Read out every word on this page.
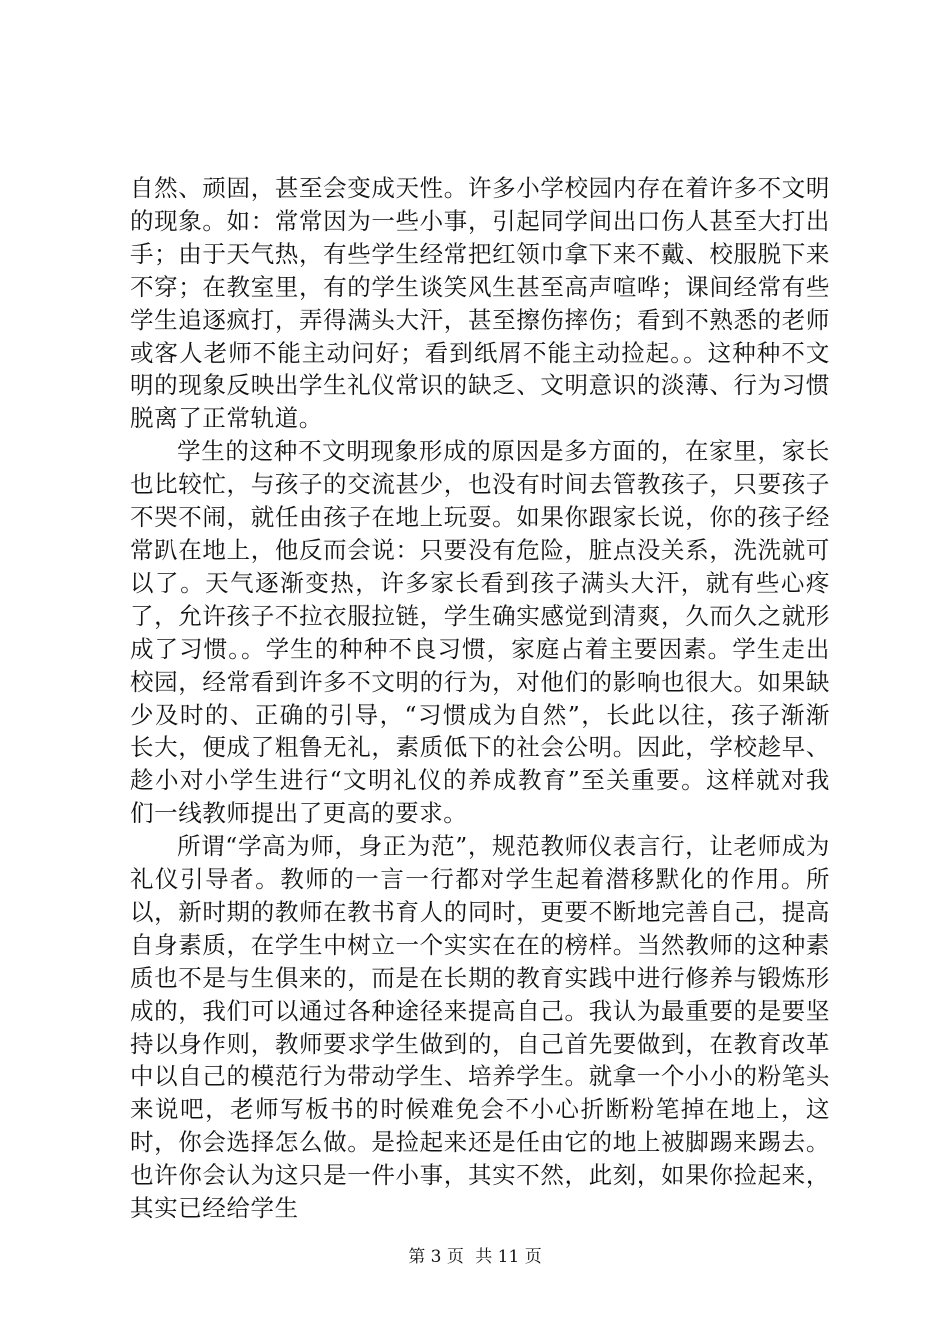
自然、顽固，甚至会变成天性。许多小学校园内存在着许多不文明的现象。如：常常因为一些小事，引起同学间出口伤人甚至大打出手；由于天气热，有些学生经常把红领巾拿下来不戴、校服脱下来不穿；在教室里，有的学生谈笑风生甚至高声喧哗；课间经常有些学生追逐疯打，弄得满头大汗，甚至擦伤摔伤；看到不熟悉的老师或客人老师不能主动问好；看到纸屑不能主动捡起。。这种种不文明的现象反映出学生礼仪常识的缺乏、文明意识的淡薄、行为习惯脱离了正常轨道。

学生的这种不文明现象形成的原因是多方面的，在家里，家长也比较忙，与孩子的交流甚少，也没有时间去管教孩子，只要孩子不哭不闹，就任由孩子在地上玩耍。如果你跟家长说，你的孩子经常趴在地上，他反而会说：只要没有危险，脏点没关系，洗洗就可以了。天气逐渐变热，许多家长看到孩子满头大汗，就有些心疼了，允许孩子不拉衣服拉链，学生确实感觉到清爽，久而久之就形成了习惯。。学生的种种不良习惯，家庭占着主要因素。学生走出校园，经常看到许多不文明的行为，对他们的影响也很大。如果缺少及时的、正确的引导，“习惯成为自然”，长此以往，孩子渐渐长大，便成了粗鲁无礼，素质低下的社会公明。因此，学校趁早、趁小对小学生进行“文明礼仪的养成教育”至关重要。这样就对我们一线教师提出了更高的要求。

所谓“学高为师，身正为范”，规范教师仪表言行，让老师成为礼仪引导者。教师的一言一行都对学生起着潜移默化的作用。所以，新时期的教师在教书育人的同时，更要不断地完善自己，提高自身素质，在学生中树立一个实实在在的榜样。当然教师的这种素质也不是与生俱来的，而是在长期的教育实践中进行修养与锻炼形成的，我们可以通过各种途径来提高自己。我认为最重要的是要坚持以身作则，教师要求学生做到的，自己首先要做到，在教育改革中以自己的模范行为带动学生、培养学生。就拿一个小小的粉笔头来说吧，老师写板书的时候难免会不小心折断粉笔掉在地上，这时，你会选择怎么做。是捡起来还是任由它的地上被脚踢来踢去。也许你会认为这只是一件小事，其实不然，此刻，如果你捡起来，其实已经给学生

第 3 页 共 11 页
